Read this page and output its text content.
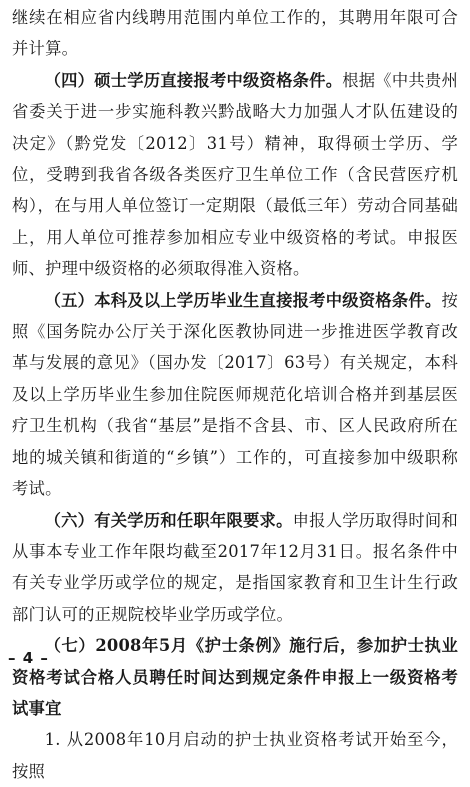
继续在相应省内线聘用范围内单位工作的，其聘用年限可合并计算。

（四）硕士学历直接报考中级资格条件。根据《中共贵州省委关于进一步实施科教兴黔战略大力加强人才队伍建设的决定》（黔党发〔2012〕31号）精神，取得硕士学历、学位，受聘到我省各级各类医疗卫生单位工作（含民营医疗机构），在与用人单位签订一定期限（最低三年）劳动合同基础上，用人单位可推荐参加相应专业中级资格的考试。申报医师、护理中级资格的必须取得准入资格。

（五）本科及以上学历毕业生直接报考中级资格条件。按照《国务院办公厅关于深化医教协同进一步推进医学教育改革与发展的意见》（国办发〔2017〕63号）有关规定，本科及以上学历毕业生参加住院医师规范化培训合格并到基层医疗卫生机构（我省“基层”是指不含县、市、区人民政府所在地的城关镇和街道的“乡镇”）工作的，可直接参加中级职称考试。

（六）有关学历和任职年限要求。申报人学历取得时间和从事本专业工作年限均截至2017年12月31日。报名条件中有关专业学历或学位的规定，是指国家教育和卫生计生行政部门认可的正规院校毕业学历或学位。

（七）2008年5月《护士条例》施行后，参加护士执业资格考试合格人员聘任时间达到规定条件申报上一级资格考试事宜

1. 从2008年10月启动的护士执业资格考试开始至今，按照

– 4 –
